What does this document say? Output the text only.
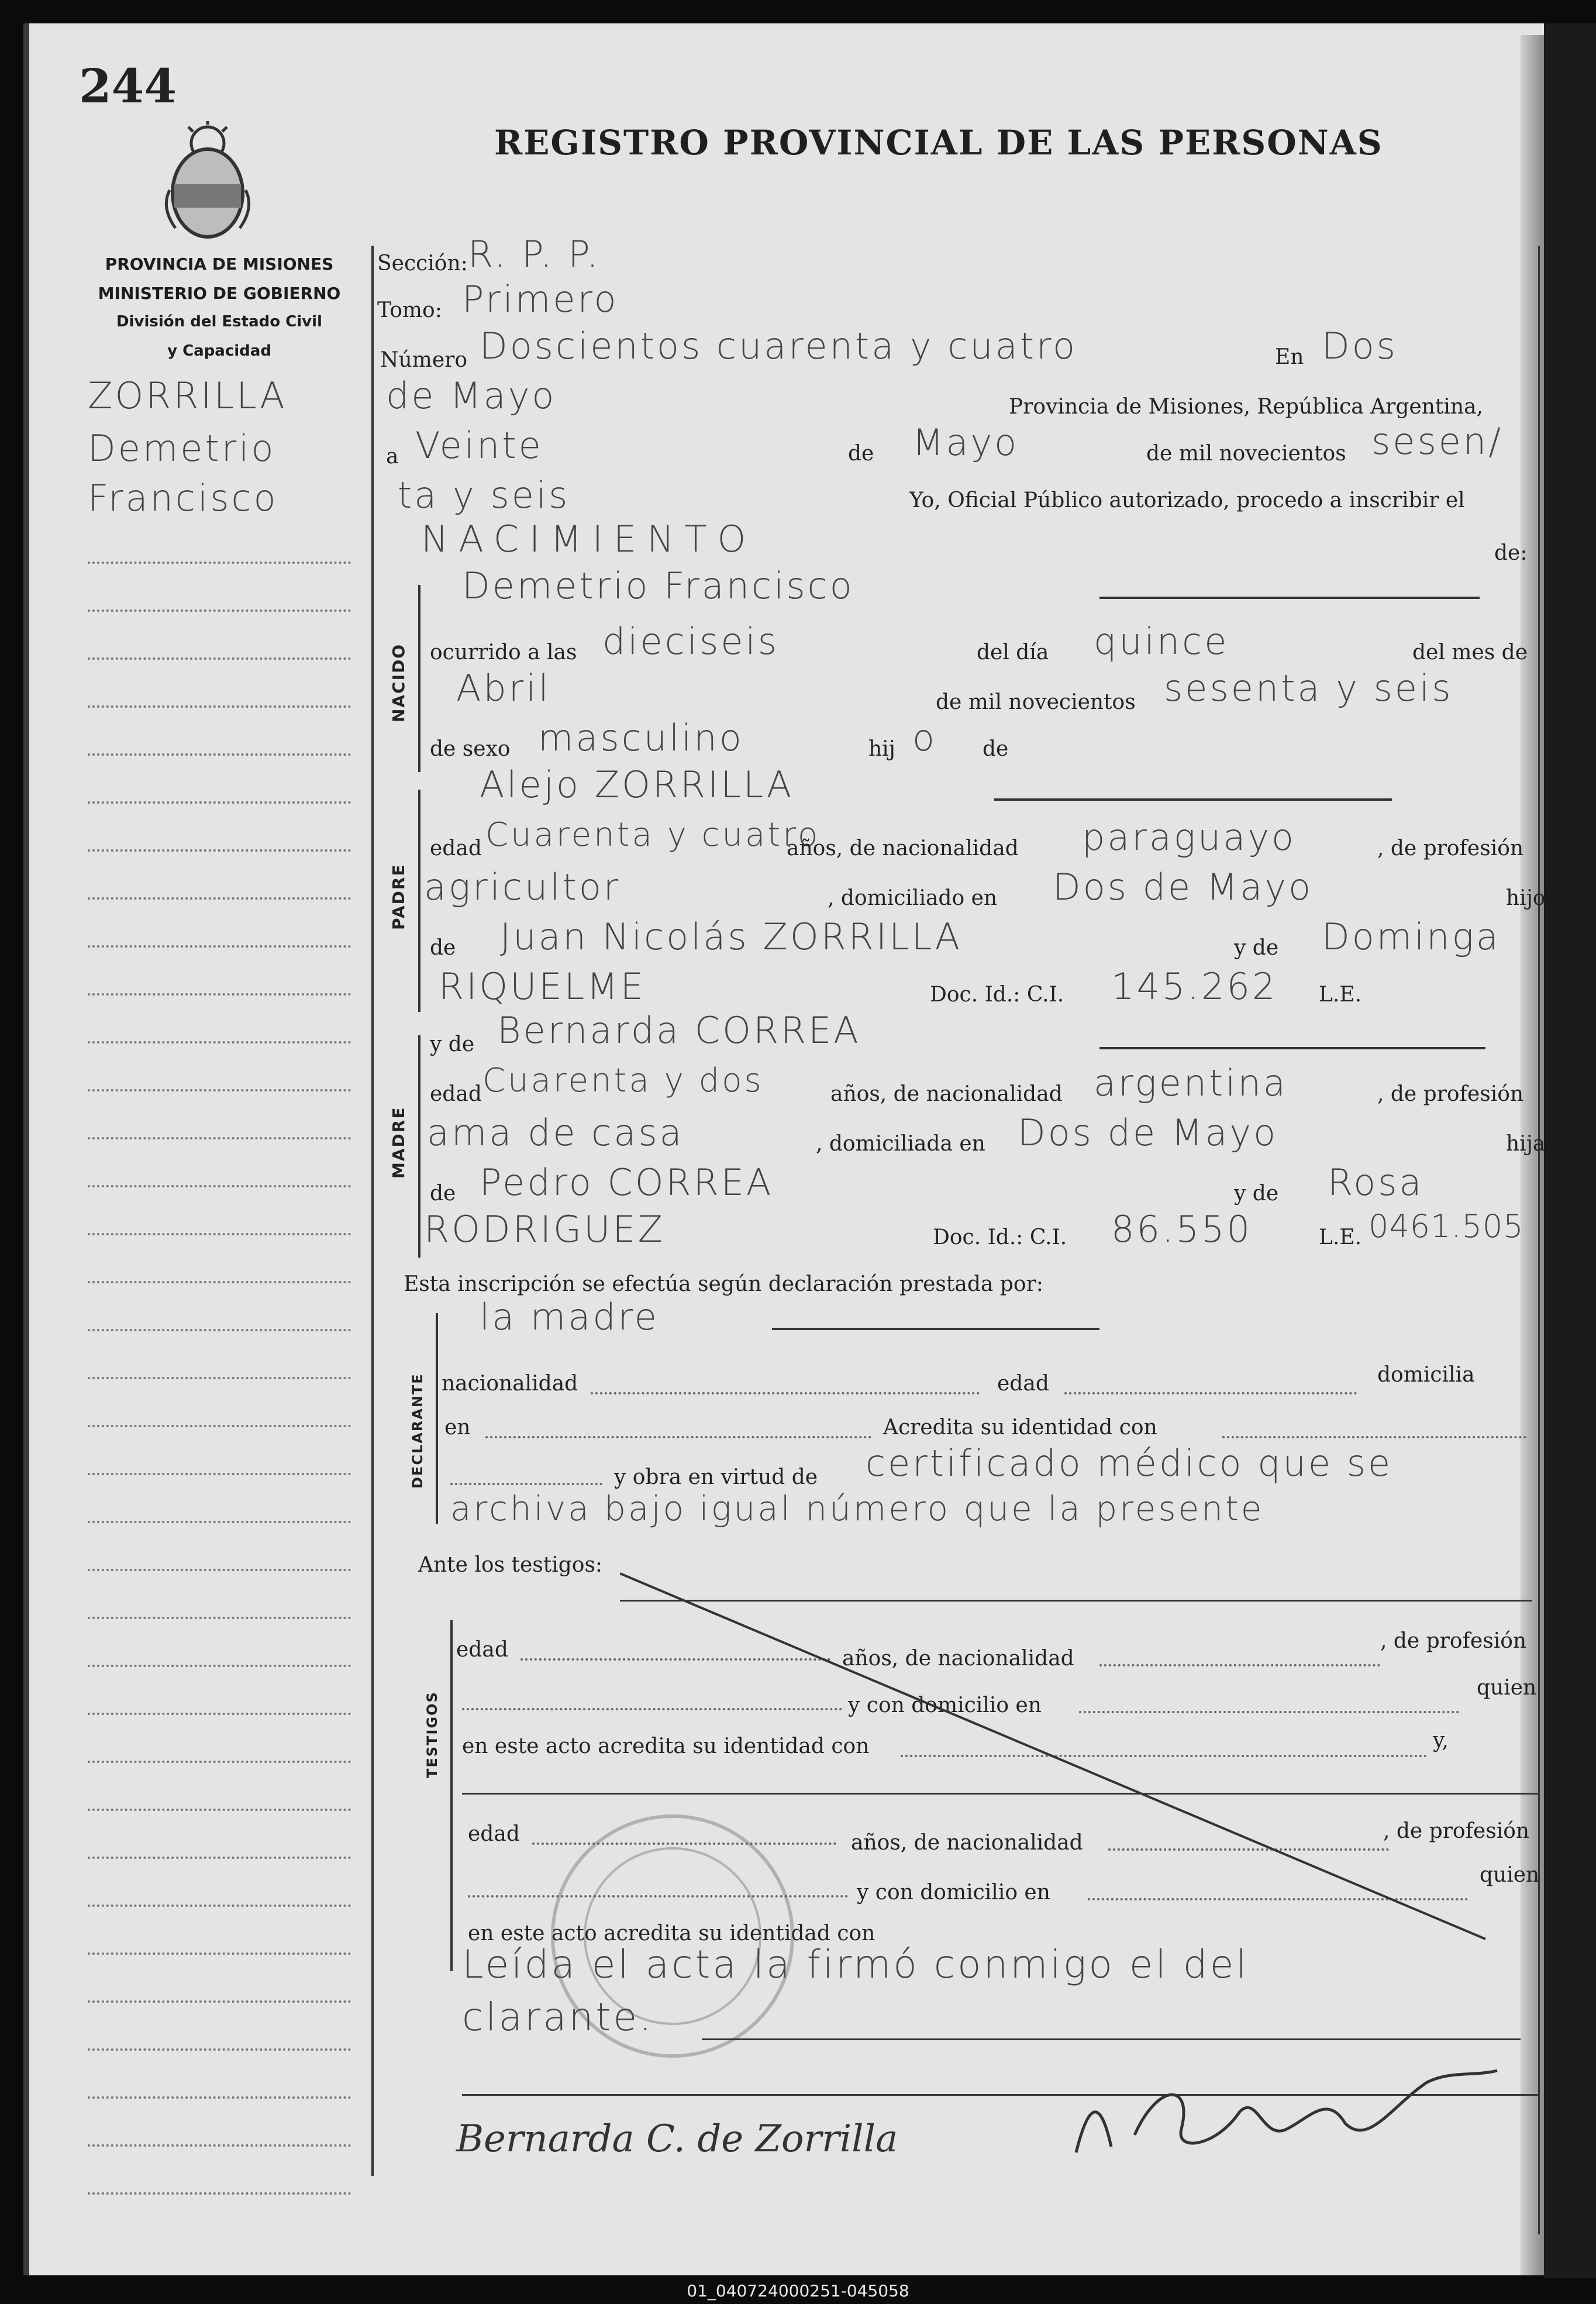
244
REGISTRO PROVINCIAL DE LAS PERSONAS
PROVINCIA DE MISIONES
MINISTERIO DE GOBIERNO
División del Estado Civil
y Capacidad
ZORRILLA
Demetrio
Francisco
Sección: R. P. P.
Tomo: Primero
Número Doscientos cuarenta y cuatro	En Dos
de Mayo	Provincia de Misiones, República Argentina,
a Veinte	de Mayo	de mil novecientos sesen/
ta y seis	Yo, Oficial Público autorizado, procedo a inscribir el
NACIMIENTO	de:
NACIDO
Demetrio Francisco
ocurrido a las dieciseis	del día quince	del mes de
Abril	de mil novecientos sesenta y seis
de sexo masculino	hij o de
PADRE
Alejo ZORRILLA
edad Cuarenta y cuatro
años, de nacionalidad paraguayo	, de profesión
agricultor	, domiciliado en Dos de Mayo	hijo
de Juan Nicolás ZORRILLA	y de Dominga
RIQUELME	Doc. Id.: C.I. 145.262 L.E.
MADRE
y de Bernarda CORREA
edad Cuarenta y dos	años, de nacionalidad argentina	, de profesión
ama de casa	, domiciliada en Dos de Mayo	hija
de Pedro CORREA	y de Rosa
RODRIGUEZ	Doc. Id.: C.I. 86.550	L.E. 0461.505
Esta inscripción se efectúa según declaración prestada por:
DECLARANTE
la madre
nacionalidad	edad	domicilia
en	Acredita su identidad con
y obra en virtud de certificado médico que se
archiva bajo igual número que la presente
Ante los testigos:
TESTIGOS
edad	años, de nacionalidad
, de profesión
y con domicilio en
quien
en este acto acredita su identidad con	y,
edad	años, de nacionalidad	, de profesión
y con domicilio en
quien
en este acto acredita su identidad con
Leída el acta la firmó conmigo el del
clarante.
Bernarda C. de Zorrilla
01_040724000251-045058
